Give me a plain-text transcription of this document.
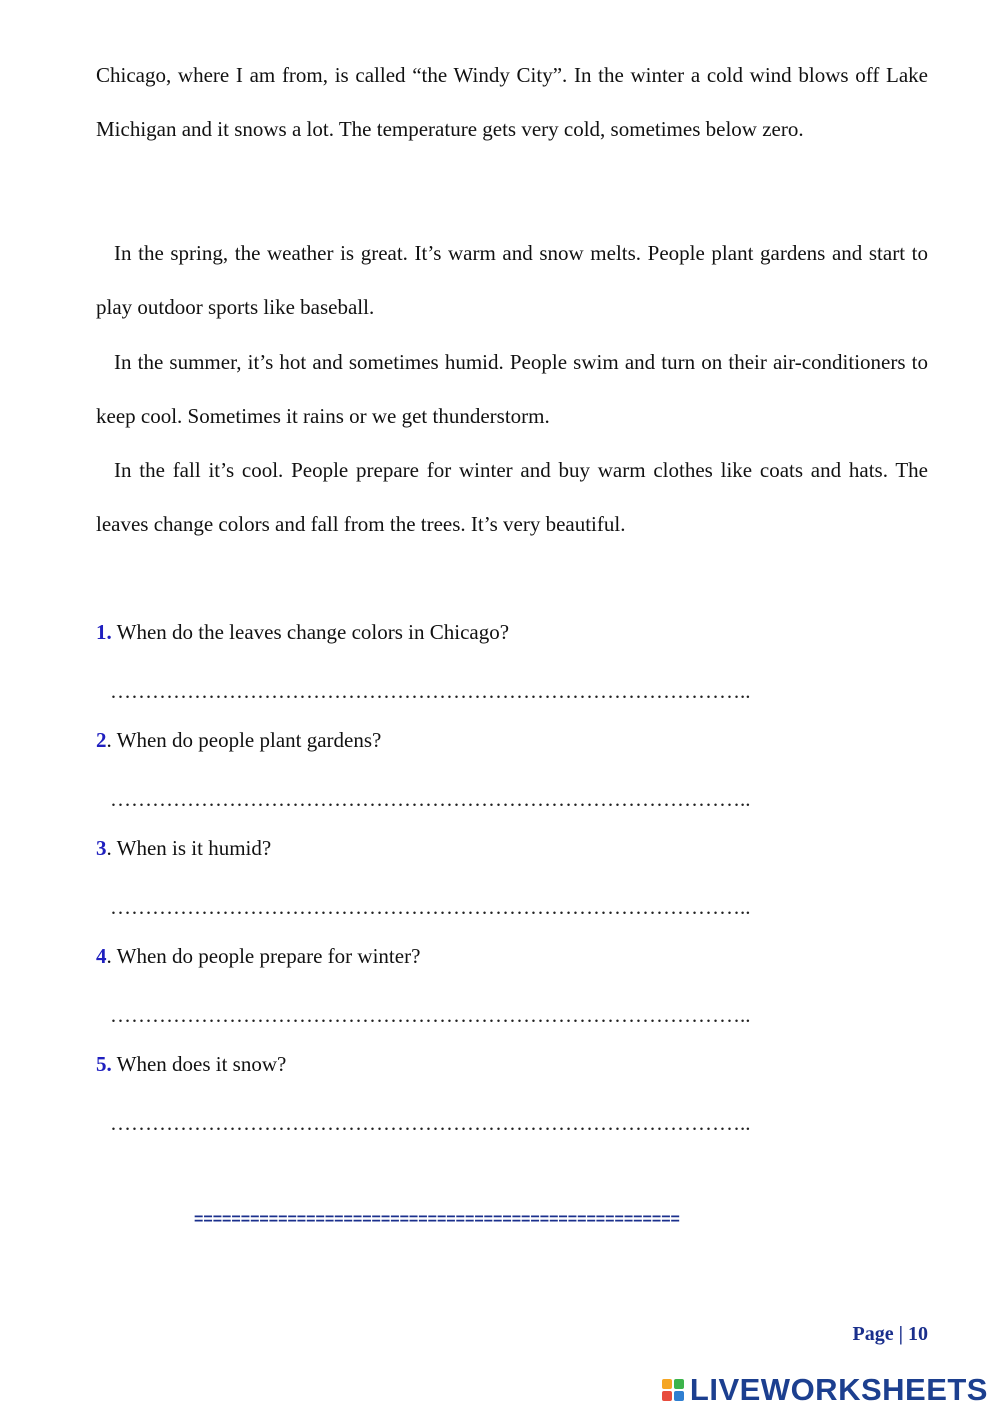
Chicago, where I am from, is called “the Windy City”. In the winter a cold wind blows off Lake Michigan and it snows a lot. The temperature gets very cold, sometimes below zero.

In the spring, the weather is great. It’s warm and snow melts. People plant gardens and start to play outdoor sports like baseball.

In the summer, it’s hot and sometimes humid. People swim and turn on their air-conditioners to keep cool. Sometimes it rains or we get thunderstorm.

In the fall it’s cool. People prepare for winter and buy warm clothes like coats and hats. The leaves change colors and fall from the trees. It’s very beautiful.

1. When do the leaves change colors in Chicago?

………………………………………………………………………………..

2. When do people plant gardens?

………………………………………………………………………………..

3. When is it humid?

………………………………………………………………………………..

4. When do people prepare for winter?

………………………………………………………………………………..

5. When does it snow?

………………………………………………………………………………..

====================================================
Page | 10
LIVEWORKSHEETS
